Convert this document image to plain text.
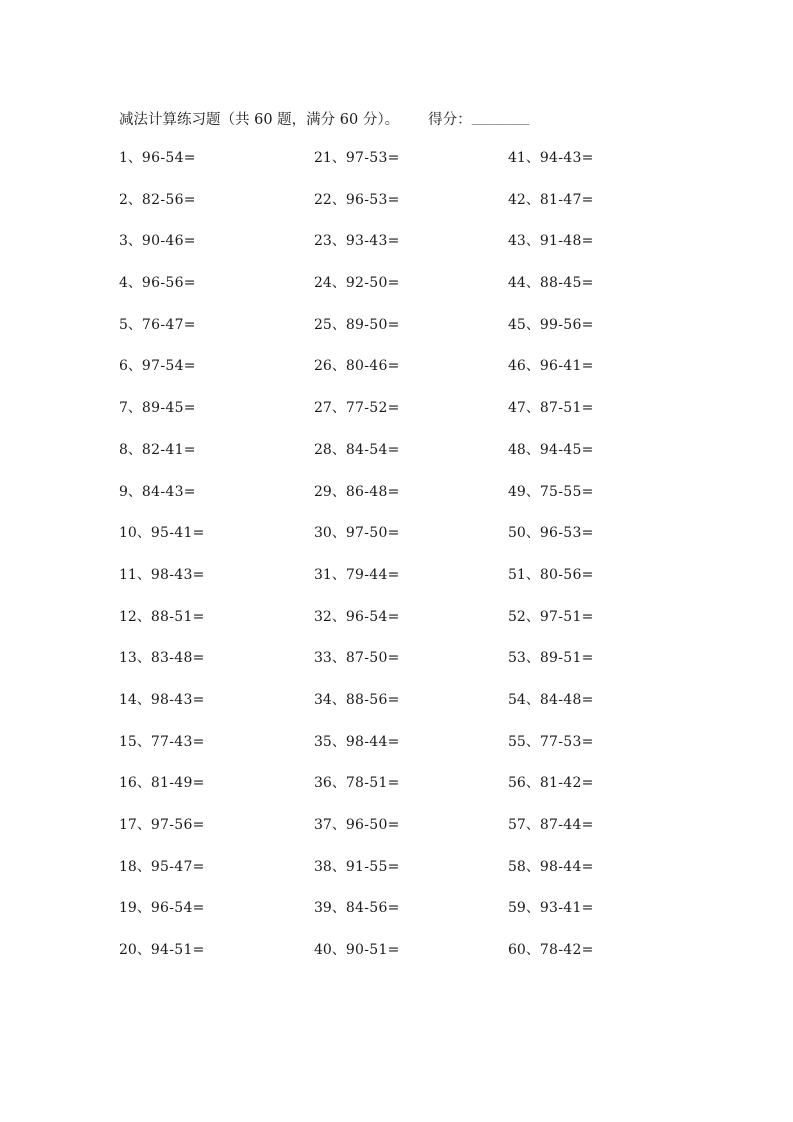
减法计算练习题（共 60 题，满分 60 分）。 得分： ________
1、96-54=
2、82-56=
3、90-46=
4、96-56=
5、76-47=
6、97-54=
7、89-45=
8、82-41=
9、84-43=
10、95-41=
11、98-43=
12、88-51=
13、83-48=
14、98-43=
15、77-43=
16、81-49=
17、97-56=
18、95-47=
19、96-54=
20、94-51=
21、97-53=
22、96-53=
23、93-43=
24、92-50=
25、89-50=
26、80-46=
27、77-52=
28、84-54=
29、86-48=
30、97-50=
31、79-44=
32、96-54=
33、87-50=
34、88-56=
35、98-44=
36、78-51=
37、96-50=
38、91-55=
39、84-56=
40、90-51=
41、94-43=
42、81-47=
43、91-48=
44、88-45=
45、99-56=
46、96-41=
47、87-51=
48、94-45=
49、75-55=
50、96-53=
51、80-56=
52、97-51=
53、89-51=
54、84-48=
55、77-53=
56、81-42=
57、87-44=
58、98-44=
59、93-41=
60、78-42=
